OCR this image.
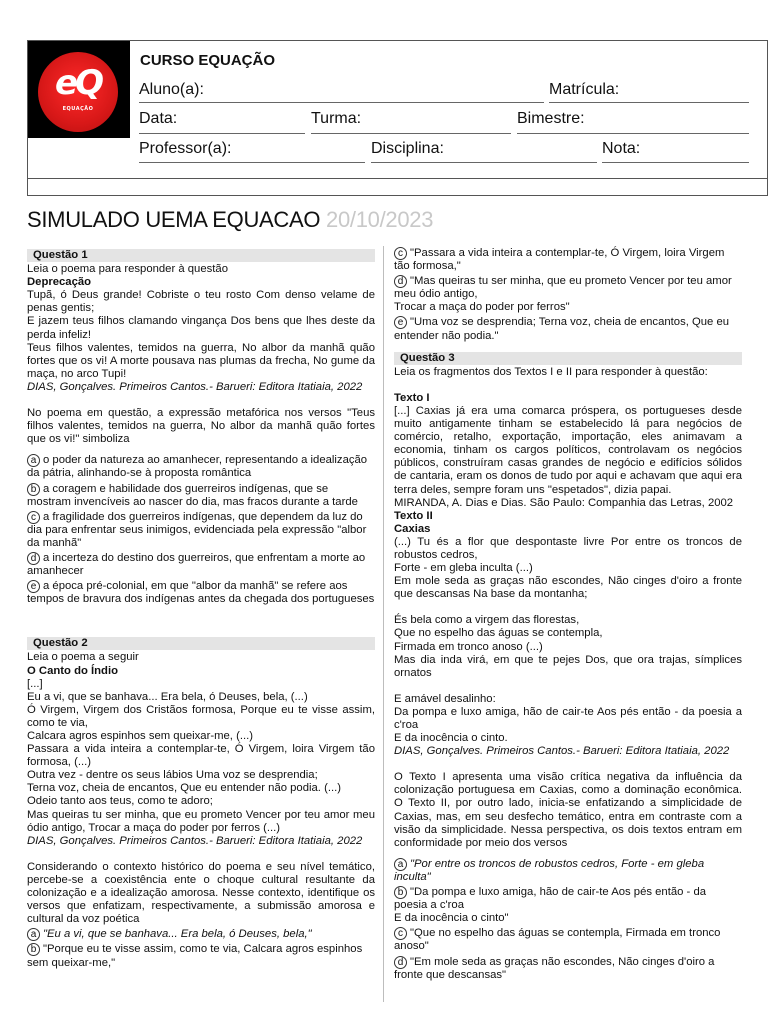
eQ
EQUAÇÃO
CURSO EQUAÇÃO
Aluno(a):	Matrícula:
Data:	Turma:	Bimestre:
Professor(a):	Disciplina:	Nota:
SIMULADO UEMA EQUACAO 20/10/2023
Questão 1

Leia o poema para responder à questão

Deprecação

Tupã, ó Deus grande! Cobriste o teu rosto Com denso velame de penas gentis;

E jazem teus filhos clamando vingança Dos bens que lhes deste da perda infeliz!

Teus filhos valentes, temidos na guerra, No albor da manhã quão fortes que os vi! A morte pousava nas plumas da frecha, No gume da maça, no arco Tupi!

DIAS, Gonçalves. Primeiros Cantos.- Barueri: Editora Itatiaia, 2022

No poema em questão, a expressão metafórica nos versos "Teus filhos valentes, temidos na guerra, No albor da manhã quão fortes que os vi!" simboliza

a o poder da natureza ao amanhecer, representando a idealização da pátria, alinhando-se à proposta romântica

b a coragem e habilidade dos guerreiros indígenas, que se mostram invencíveis ao nascer do dia, mas fracos durante a tarde

c a fragilidade dos guerreiros indígenas, que dependem da luz do dia para enfrentar seus inimigos, evidenciada pela expressão "albor da manhã"

d a incerteza do destino dos guerreiros, que enfrentam a morte ao amanhecer

e a época pré-colonial, em que "albor da manhã" se refere aos tempos de bravura dos indígenas antes da chegada dos portugueses

Questão 2

Leia o poema a seguir

O Canto do Índio

[...]

Eu a vi, que se banhava... Era bela, ó Deuses, bela, (...)

Ó Virgem, Virgem dos Cristãos formosa, Porque eu te visse assim, como te via,

Calcara agros espinhos sem queixar-me, (...)

Passara a vida inteira a contemplar-te, Ó Virgem, loira Virgem tão formosa, (...)

Outra vez - dentre os seus lábios Uma voz se desprendia;

Terna voz, cheia de encantos, Que eu entender não podia. (...)

Odeio tanto aos teus, como te adoro;

Mas queiras tu ser minha, que eu prometo Vencer por teu amor meu ódio antigo, Trocar a maça do poder por ferros (...)

DIAS, Gonçalves. Primeiros Cantos.- Barueri: Editora Itatiaia, 2022

Considerando o contexto histórico do poema e seu nível temático, percebe-se a coexistência ente o choque cultural resultante da colonização e a idealização amorosa. Nesse contexto, identifique os versos que enfatizam, respectivamente, a submissão amorosa e cultural da voz poética

a "Eu a vi, que se banhava... Era bela, ó Deuses, bela,"

b "Porque eu te visse assim, como te via, Calcara agros espinhos sem queixar-me,"

c "Passara a vida inteira a contemplar-te, Ó Virgem, loira Virgem tão formosa,"

d "Mas queiras tu ser minha, que eu prometo Vencer por teu amor meu ódio antigo,
Trocar a maça do poder por ferros"

e "Uma voz se desprendia; Terna voz, cheia de encantos, Que eu entender não podia."

Questão 3

Leia os fragmentos dos Textos I e II para responder à questão:

Texto I

[...] Caxias já era uma comarca próspera, os portugueses desde muito antigamente tinham se estabelecido lá para negócios de comércio, retalho, exportação, importação, eles animavam a economia, tinham os cargos políticos, controlavam os negócios públicos, construíram casas grandes de negócio e edifícios sólidos de cantaria, eram os donos de tudo por aqui e achavam que aqui era terra deles, sempre foram uns "espetados", dizia papai.

MIRANDA, A. Dias e Dias. São Paulo: Companhia das Letras, 2002

Texto II

Caxias

(...) Tu és a flor que despontaste livre Por entre os troncos de robustos cedros,

Forte - em gleba inculta (...)

Em mole seda as graças não escondes, Não cinges d'oiro a fronte que descansas Na base da montanha;

És bela como a virgem das florestas,

Que no espelho das águas se contempla,

Firmada em tronco anoso (...)

Mas dia inda virá, em que te pejes Dos, que ora trajas, símplices ornatos

E amável desalinho:

Da pompa e luxo amiga, hão de cair-te Aos pés então - da poesia a c'roa

E da inocência o cinto.

DIAS, Gonçalves. Primeiros Cantos.- Barueri: Editora Itatiaia, 2022

O Texto I apresenta uma visão crítica negativa da influência da colonização portuguesa em Caxias, como a dominação econômica. O Texto II, por outro lado, inicia-se enfatizando a simplicidade de Caxias, mas, em seu desfecho temático, entra em contraste com a visão da simplicidade. Nessa perspectiva, os dois textos entram em conformidade por meio dos versos

a "Por entre os troncos de robustos cedros, Forte - em gleba inculta"

b "Da pompa e luxo amiga, hão de cair-te Aos pés então - da poesia a c'roa
E da inocência o cinto"

c "Que no espelho das águas se contempla, Firmada em tronco anoso"

d "Em mole seda as graças não escondes, Não cinges d'oiro a fronte que descansas"
